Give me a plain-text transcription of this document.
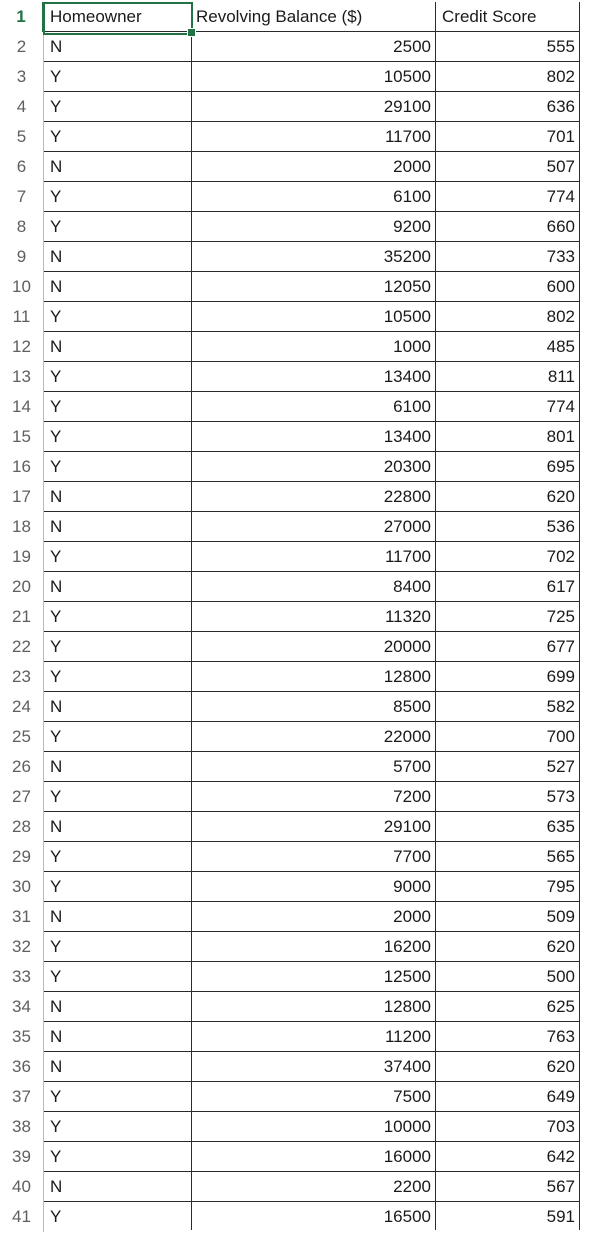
1	Homeowner	Revolving Balance ($)	Credit Score
2	N	2500	555
3	Y	10500	802
4	Y	29100	636
5	Y	11700	701
6	N	2000	507
7	Y	6100	774
8	Y	9200	660
9	N	35200	733
10	N	12050	600
11	Y	10500	802
12	N	1000	485
13	Y	13400	811
14	Y	6100	774
15	Y	13400	801
16	Y	20300	695
17	N	22800	620
18	N	27000	536
19	Y	11700	702
20	N	8400	617
21	Y	11320	725
22	Y	20000	677
23	Y	12800	699
24	N	8500	582
25	Y	22000	700
26	N	5700	527
27	Y	7200	573
28	N	29100	635
29	Y	7700	565
30	Y	9000	795
31	N	2000	509
32	Y	16200	620
33	Y	12500	500
34	N	12800	625
35	N	11200	763
36	N	37400	620
37	Y	7500	649
38	Y	10000	703
39	Y	16000	642
40	N	2200	567
41	Y	16500	591
